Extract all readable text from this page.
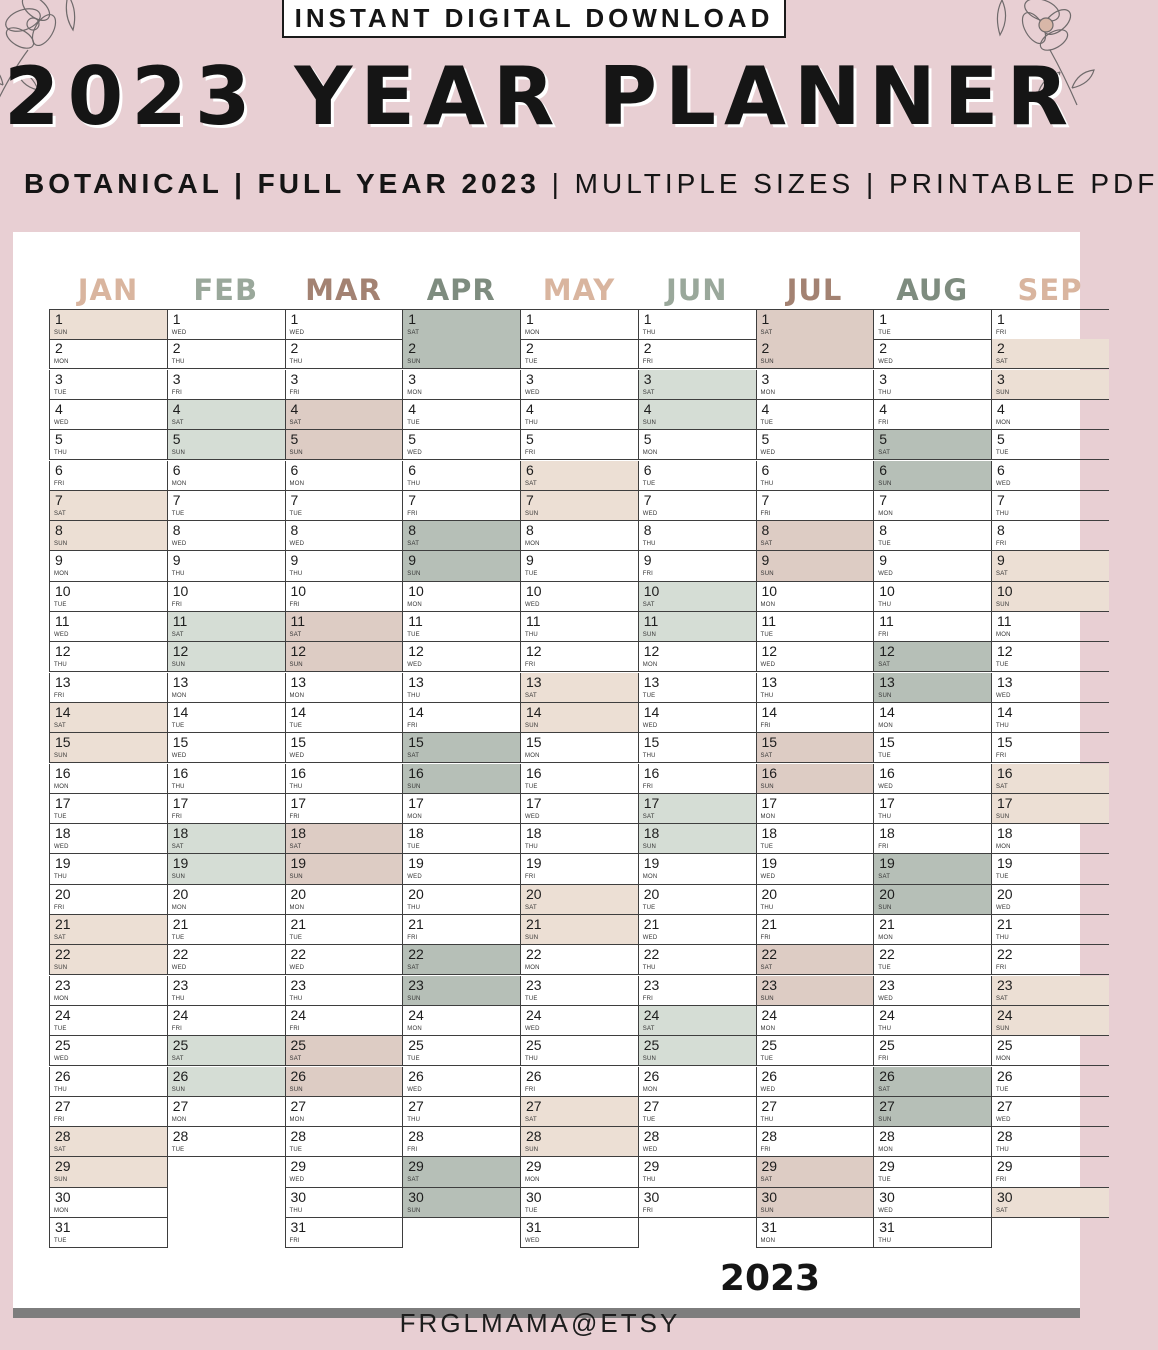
INSTANT DIGITAL DOWNLOAD
2023 YEAR PLANNER
BOTANICAL | FULL YEAR 2023 | MULTIPLE SIZES | PRINTABLE PDF
FRGLMAMA@ETSY
JAN
1
SUN
2
MON
3
TUE
4
WED
5
THU
6
FRI
7
SAT
8
SUN
9
MON
10
TUE
11
WED
12
THU
13
FRI
14
SAT
15
SUN
16
MON
17
TUE
18
WED
19
THU
20
FRI
21
SAT
22
SUN
23
MON
24
TUE
25
WED
26
THU
27
FRI
28
SAT
29
SUN
30
MON
31
TUE
FEB
1
WED
2
THU
3
FRI
4
SAT
5
SUN
6
MON
7
TUE
8
WED
9
THU
10
FRI
11
SAT
12
SUN
13
MON
14
TUE
15
WED
16
THU
17
FRI
18
SAT
19
SUN
20
MON
21
TUE
22
WED
23
THU
24
FRI
25
SAT
26
SUN
27
MON
28
TUE
MAR
1
WED
2
THU
3
FRI
4
SAT
5
SUN
6
MON
7
TUE
8
WED
9
THU
10
FRI
11
SAT
12
SUN
13
MON
14
TUE
15
WED
16
THU
17
FRI
18
SAT
19
SUN
20
MON
21
TUE
22
WED
23
THU
24
FRI
25
SAT
26
SUN
27
MON
28
TUE
29
WED
30
THU
31
FRI
APR
1
SAT
2
SUN
3
MON
4
TUE
5
WED
6
THU
7
FRI
8
SAT
9
SUN
10
MON
11
TUE
12
WED
13
THU
14
FRI
15
SAT
16
SUN
17
MON
18
TUE
19
WED
20
THU
21
FRI
22
SAT
23
SUN
24
MON
25
TUE
26
WED
27
THU
28
FRI
29
SAT
30
SUN
MAY
1
MON
2
TUE
3
WED
4
THU
5
FRI
6
SAT
7
SUN
8
MON
9
TUE
10
WED
11
THU
12
FRI
13
SAT
14
SUN
15
MON
16
TUE
17
WED
18
THU
19
FRI
20
SAT
21
SUN
22
MON
23
TUE
24
WED
25
THU
26
FRI
27
SAT
28
SUN
29
MON
30
TUE
31
WED
JUN
1
THU
2
FRI
3
SAT
4
SUN
5
MON
6
TUE
7
WED
8
THU
9
FRI
10
SAT
11
SUN
12
MON
13
TUE
14
WED
15
THU
16
FRI
17
SAT
18
SUN
19
MON
20
TUE
21
WED
22
THU
23
FRI
24
SAT
25
SUN
26
MON
27
TUE
28
WED
29
THU
30
FRI
JUL
1
SAT
2
SUN
3
MON
4
TUE
5
WED
6
THU
7
FRI
8
SAT
9
SUN
10
MON
11
TUE
12
WED
13
THU
14
FRI
15
SAT
16
SUN
17
MON
18
TUE
19
WED
20
THU
21
FRI
22
SAT
23
SUN
24
MON
25
TUE
26
WED
27
THU
28
FRI
29
SAT
30
SUN
31
MON
AUG
1
TUE
2
WED
3
THU
4
FRI
5
SAT
6
SUN
7
MON
8
TUE
9
WED
10
THU
11
FRI
12
SAT
13
SUN
14
MON
15
TUE
16
WED
17
THU
18
FRI
19
SAT
20
SUN
21
MON
22
TUE
23
WED
24
THU
25
FRI
26
SAT
27
SUN
28
MON
29
TUE
30
WED
31
THU
SEP
1
FRI
2
SAT
3
SUN
4
MON
5
TUE
6
WED
7
THU
8
FRI
9
SAT
10
SUN
11
MON
12
TUE
13
WED
14
THU
15
FRI
16
SAT
17
SUN
18
MON
19
TUE
20
WED
21
THU
22
FRI
23
SAT
24
SUN
25
MON
26
TUE
27
WED
28
THU
29
FRI
30
SAT
2023
